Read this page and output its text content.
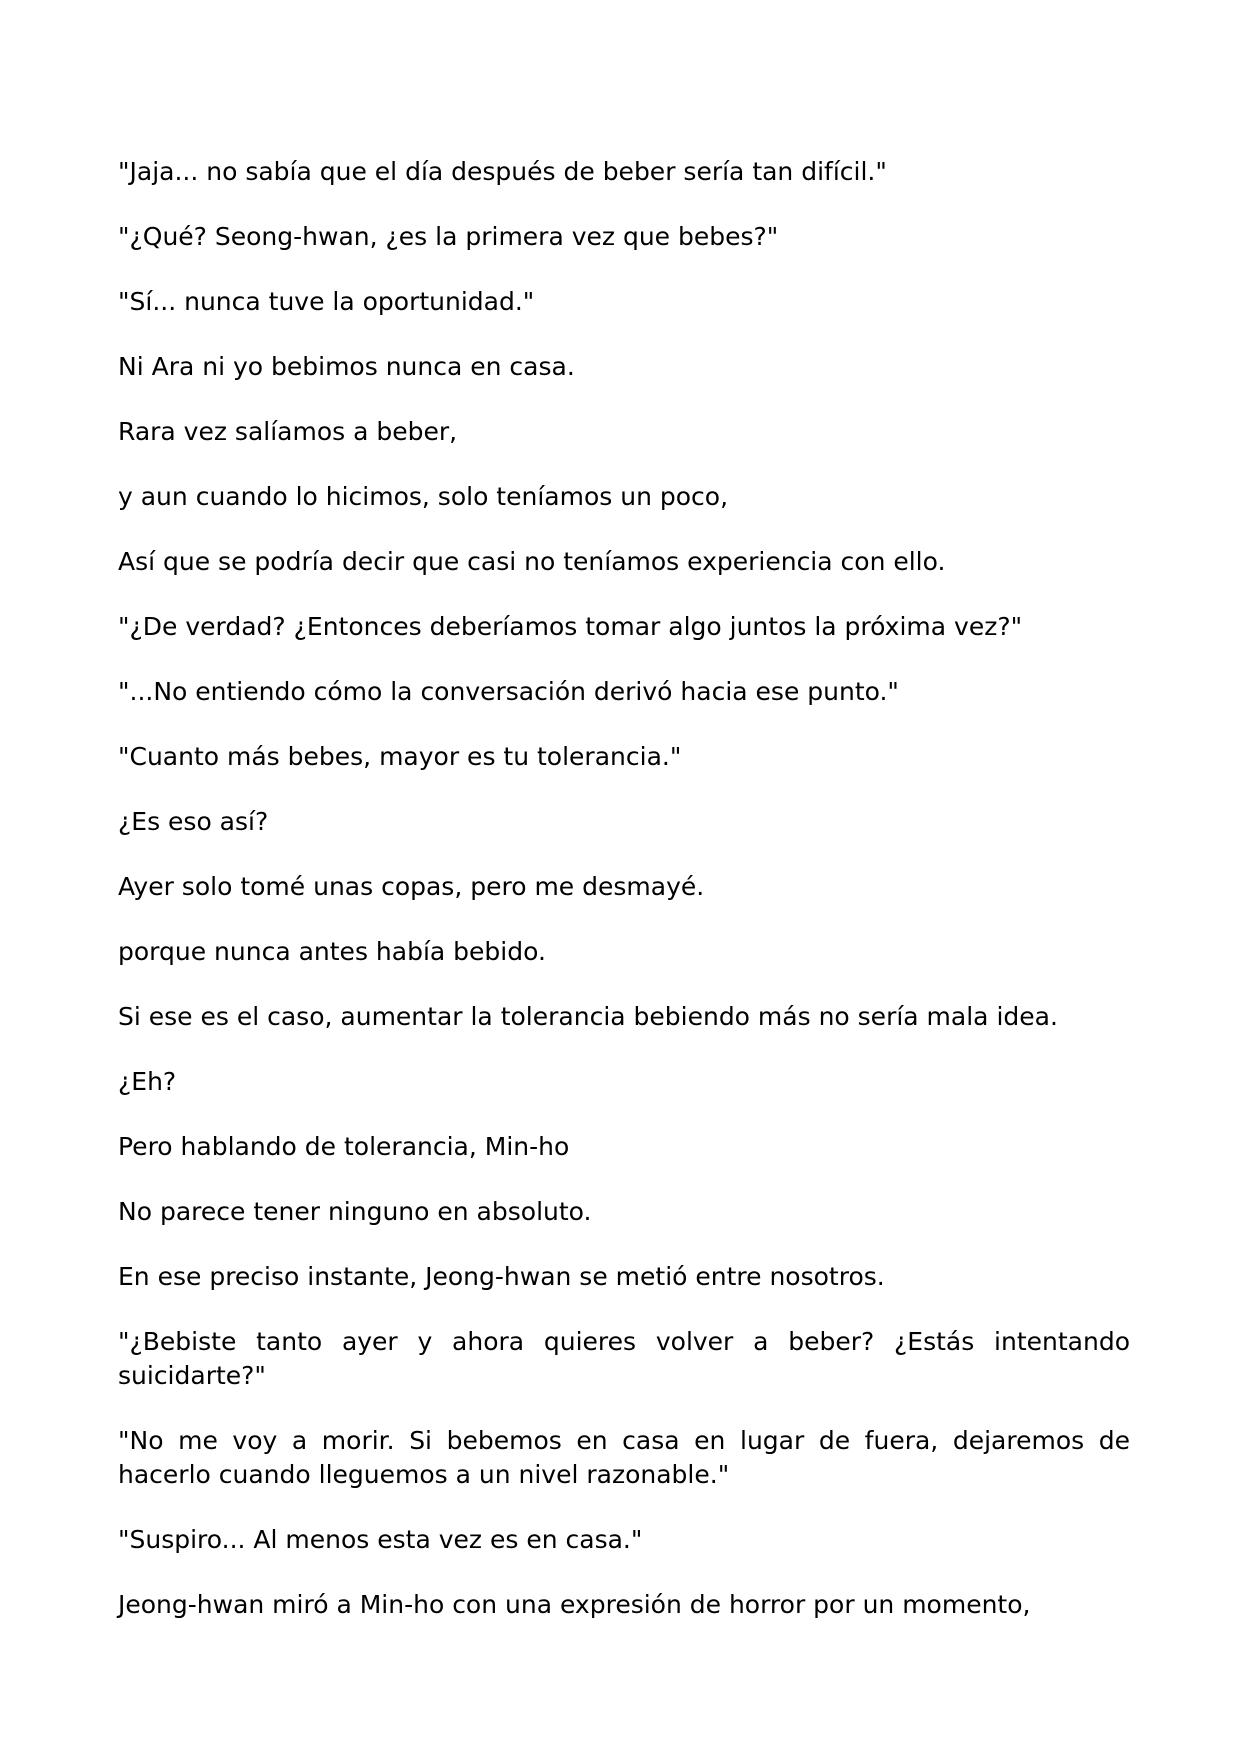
"Jaja... no sabía que el día después de beber sería tan difícil."

"¿Qué? Seong-hwan, ¿es la primera vez que bebes?"

"Sí... nunca tuve la oportunidad."

Ni Ara ni yo bebimos nunca en casa.

Rara vez salíamos a beber,

y aun cuando lo hicimos, solo teníamos un poco,

Así que se podría decir que casi no teníamos experiencia con ello.

"¿De verdad? ¿Entonces deberíamos tomar algo juntos la próxima vez?"

"...No entiendo cómo la conversación derivó hacia ese punto."

"Cuanto más bebes, mayor es tu tolerancia."

¿Es eso así?

Ayer solo tomé unas copas, pero me desmayé.

porque nunca antes había bebido.

Si ese es el caso, aumentar la tolerancia bebiendo más no sería mala idea.

¿Eh?

Pero hablando de tolerancia, Min-ho

No parece tener ninguno en absoluto.

En ese preciso instante, Jeong-hwan se metió entre nosotros.

"¿Bebiste tanto ayer y ahora quieres volver a beber? ¿Estás intentando suicidarte?"

"No me voy a morir. Si bebemos en casa en lugar de fuera, dejaremos de hacerlo cuando lleguemos a un nivel razonable."

"Suspiro... Al menos esta vez es en casa."

Jeong-hwan miró a Min-ho con una expresión de horror por un momento,
